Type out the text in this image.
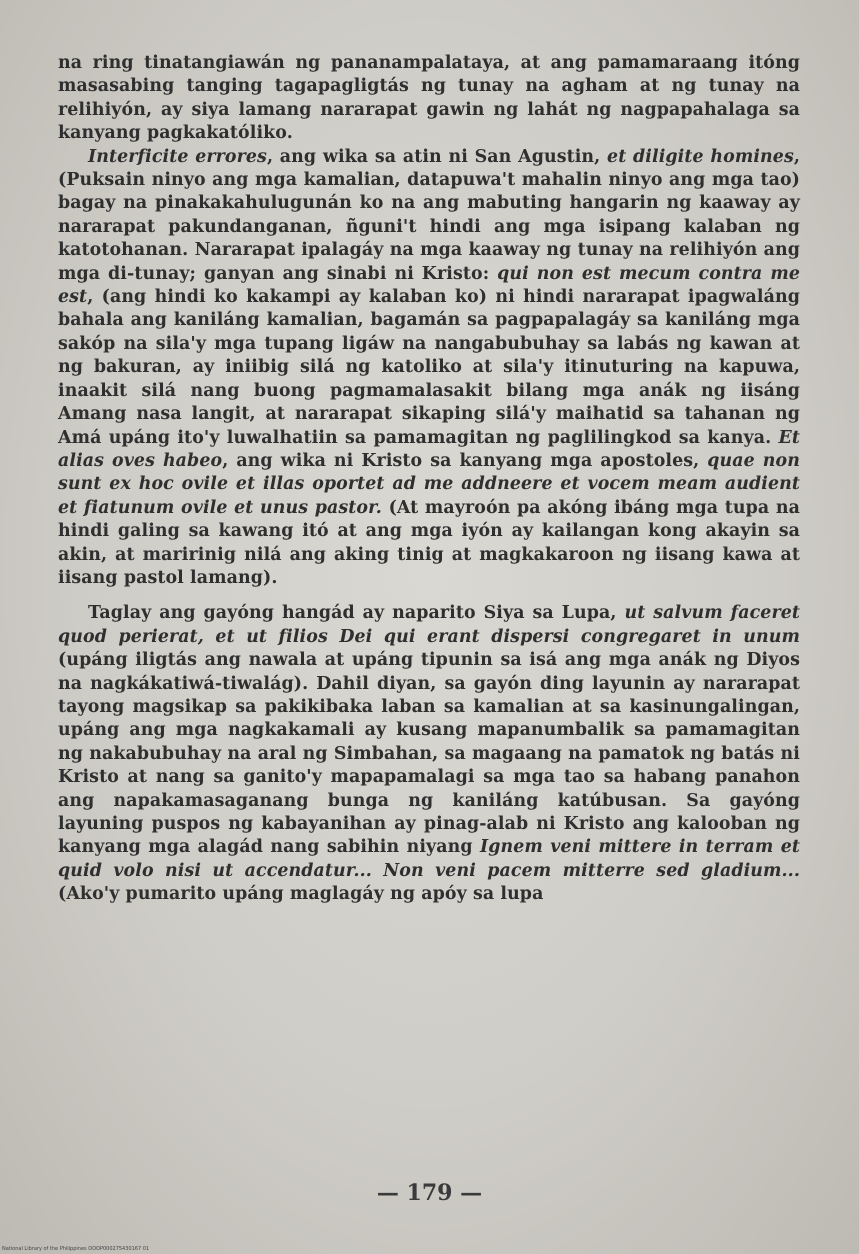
na ring tinatangiawán ng pananampalataya, at ang pamamaraang itóng masasabing tanging tagapagligtás ng tunay na agham at ng tunay na relihiyón, ay siya lamang nararapat gawin ng lahát ng nagpapahalaga sa kanyang pagkakatóliko.

Interficite errores, ang wika sa atin ni San Agustin, et diligite homines, (Puksain ninyo ang mga kamalian, datapuwa't mahalin ninyo ang mga tao) bagay na pinakakahulugunán ko na ang mabuting hangarin ng kaaway ay nararapat pakundanganan, ñguni't hindi ang mga isipang kalaban ng katotohanan. Nararapat ipalagáy na mga kaaway ng tunay na relihiyón ang mga di-tunay; ganyan ang sinabi ni Kristo: qui non est mecum contra me est, (ang hindi ko kakampi ay kalaban ko) ni hindi nararapat ipagwaláng bahala ang kaniláng kamalian, bagamán sa pagpapalagáy sa kaniláng mga sakóp na sila'y mga tupang ligáw na nangabubuhay sa labás ng kawan at ng bakuran, ay iniibig silá ng katoliko at sila'y itinuturing na kapuwa, inaakit silá nang buong pagmamalasakit bilang mga anák ng iisáng Amang nasa langit, at nararapat sikaping silá'y maihatid sa tahanan ng Amá upáng ito'y luwalhatiin sa pamamagitan ng paglilingkod sa kanya. Et alias oves habeo, ang wika ni Kristo sa kanyang mga apostoles, quae non sunt ex hoc ovile et illas oportet ad me addneere et vocem meam audient et fiatunum ovile et unus pastor. (At mayroón pa akóng ibáng mga tupa na hindi galing sa kawang itó at ang mga iyón ay kailangan kong akayin sa akin, at maririnig nilá ang aking tinig at magkakaroon ng iisang kawa at iisang pastol lamang).

Taglay ang gayóng hangád ay naparito Siya sa Lupa, ut salvum faceret quod perierat, et ut filios Dei qui erant dispersi congregaret in unum (upáng iligtás ang nawala at upáng tipunin sa isá ang mga anák ng Diyos na nagkákatiwá-tiwalág). Dahil diyan, sa gayón ding layunin ay nararapat tayong magsikap sa pakikibaka laban sa kamalian at sa kasinungalingan, upáng ang mga nagkakamali ay kusang mapanumbalik sa pamamagitan ng nakabubuhay na aral ng Simbahan, sa magaang na pamatok ng batás ni Kristo at nang sa ganito'y mapapamalagi sa mga tao sa habang panahon ang napakamasaganang bunga ng kaniláng katúbusan. Sa gayóng layuning puspos ng kabayanihan ay pinag-alab ni Kristo ang kalooban ng kanyang mga alagád nang sabihin niyang Ignem veni mittere in terram et quid volo nisi ut accendatur... Non veni pacem mitterre sed gladium... (Ako'y pumarito upáng maglagáy ng apóy sa lupa

— 179 —
National Library of the Philippines DOOP000275430167 01
